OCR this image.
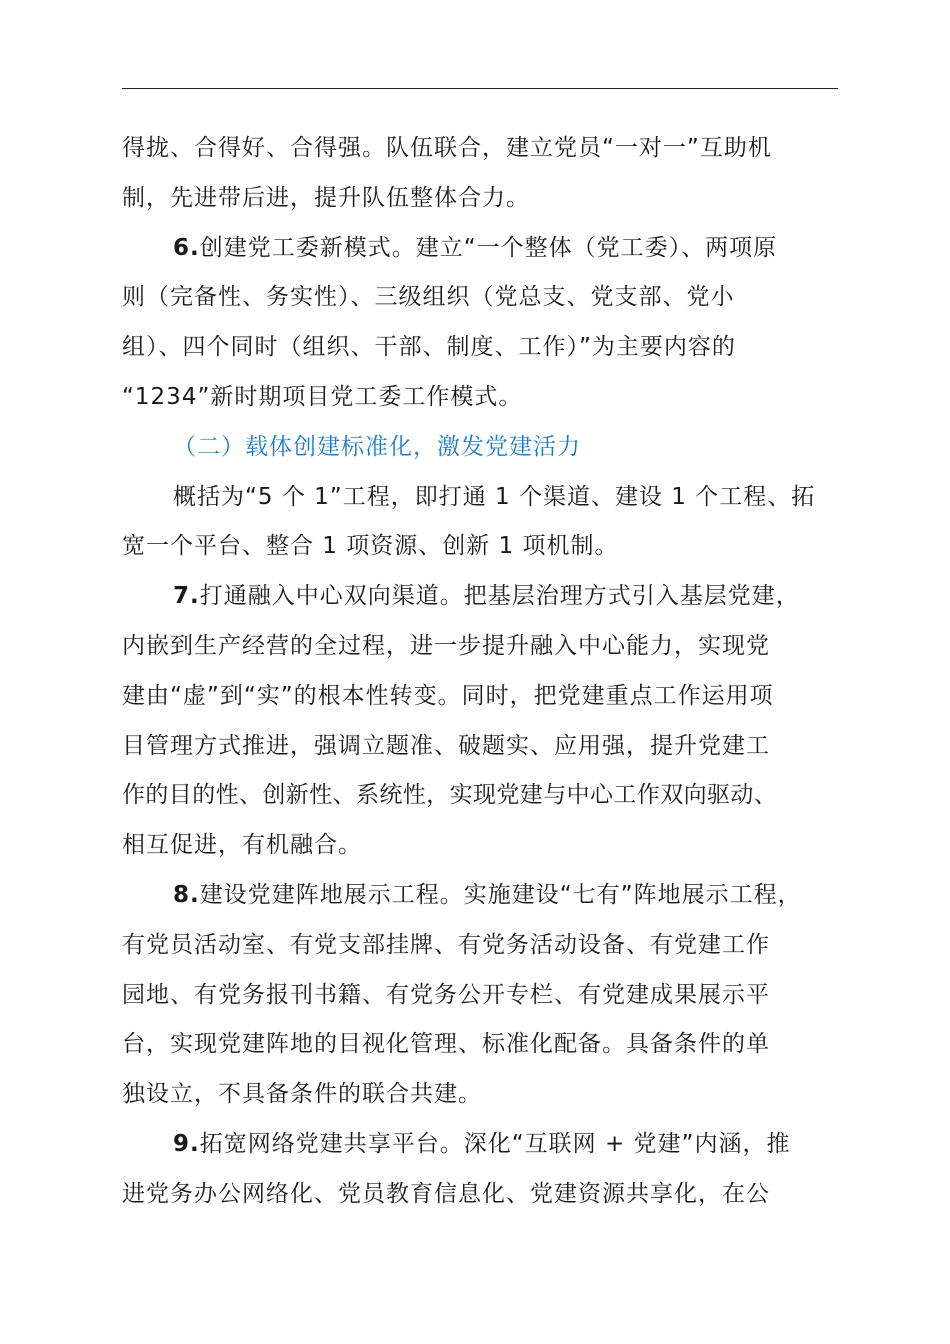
得拢、合得好、合得强。队伍联合，建立党员“一对一”互助机
制，先进带后进，提升队伍整体合力。
6.创建党工委新模式。建立“一个整体（党工委）、两项原
则（完备性、务实性）、三级组织（党总支、党支部、党小
组）、四个同时（组织、干部、制度、工作）”为主要内容的
“1234”新时期项目党工委工作模式。
（二）载体创建标准化，激发党建活力
概括为“5 个 1”工程，即打通 1 个渠道、建设 1 个工程、拓
宽一个平台、整合 1 项资源、创新 1 项机制。
7.打通融入中心双向渠道。把基层治理方式引入基层党建，
内嵌到生产经营的全过程，进一步提升融入中心能力，实现党
建由“虚”到“实”的根本性转变。同时，把党建重点工作运用项
目管理方式推进，强调立题准、破题实、应用强，提升党建工
作的目的性、创新性、系统性，实现党建与中心工作双向驱动、
相互促进，有机融合。
8.建设党建阵地展示工程。实施建设“七有”阵地展示工程，
有党员活动室、有党支部挂牌、有党务活动设备、有党建工作
园地、有党务报刊书籍、有党务公开专栏、有党建成果展示平
台，实现党建阵地的目视化管理、标准化配备。具备条件的单
独设立，不具备条件的联合共建。
9.拓宽网络党建共享平台。深化“互联网 + 党建”内涵，推
进党务办公网络化、党员教育信息化、党建资源共享化，在公
